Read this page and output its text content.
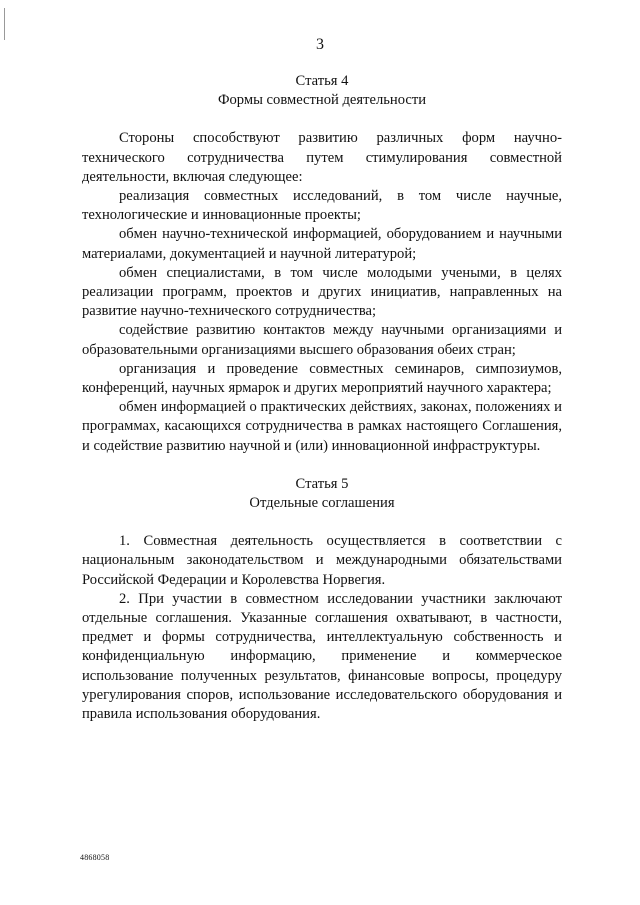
3
Статья 4
Формы совместной деятельности

Стороны способствуют развитию различных форм научно-технического сотрудничества путем стимулирования совместной деятельности, включая следующее:

реализация совместных исследований, в том числе научные, технологические и инновационные проекты;

обмен научно-технической информацией, оборудованием и научными материалами, документацией и научной литературой;

обмен специалистами, в том числе молодыми учеными, в целях реализации программ, проектов и других инициатив, направленных на развитие научно-технического сотрудничества;

содействие развитию контактов между научными организациями и образовательными организациями высшего образования обеих стран;

организация и проведение совместных семинаров, симпозиумов, конференций, научных ярмарок и других мероприятий научного характера;

обмен информацией о практических действиях, законах, положениях и программах, касающихся сотрудничества в рамках настоящего Соглашения, и содействие развитию научной и (или) инновационной инфраструктуры.

Статья 5
Отдельные соглашения

1. Совместная деятельность осуществляется в соответствии с национальным законодательством и международными обязательствами Российской Федерации и Королевства Норвегия.

2. При участии в совместном исследовании участники заключают отдельные соглашения. Указанные соглашения охватывают, в частности, предмет и формы сотрудничества, интеллектуальную собственность и конфиденциальную информацию, применение и коммерческое использование полученных результатов, финансовые вопросы, процедуру урегулирования споров, использование исследовательского оборудования и правила использования оборудования.

4868058
